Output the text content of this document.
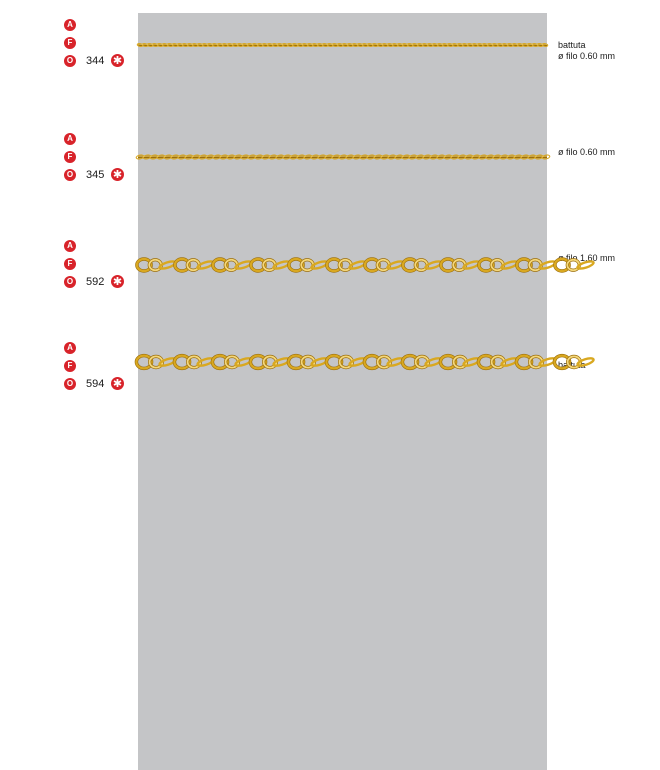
A
F
O 344 ✱
battuta
ø filo 0.60 mm
A
F
O 345 ✱
ø filo 0.60 mm
A
F
O 592 ✱
ø filo 1.60 mm
A
F
O 594 ✱
battuta
